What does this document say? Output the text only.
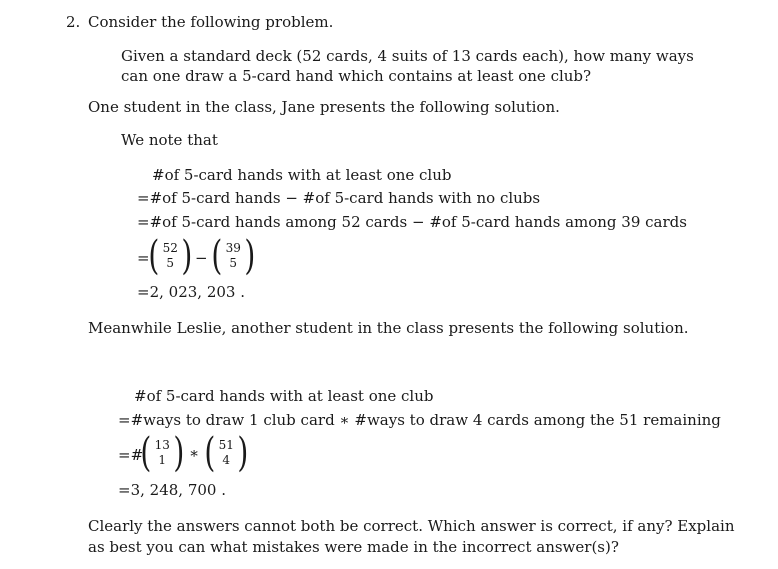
2. Consider the following problem.
Given a standard deck (52 cards, 4 suits of 13 cards each), how many ways
can one draw a 5-card hand which contains at least one club?
One student in the class, Jane presents the following solution.
We note that
#of 5-card hands with at least one club
=#of 5-card hands − #of 5-card hands with no clubs
=#of 5-card hands among 52 cards − #of 5-card hands among 39 cards
=
( 52
5 ) − ( 39
5 )
=2, 023, 203 .
Meanwhile Leslie, another student in the class presents the following solution.
#of 5-card hands with at least one club
=#ways to draw 1 club card ∗ #ways to draw 4 cards among the 51 remaining
=#
( 13
1 ) ∗ ( 51
4 )
=3, 248, 700 .
Clearly the answers cannot both be correct. Which answer is correct, if any? Explain
as best you can what mistakes were made in the incorrect answer(s)?
